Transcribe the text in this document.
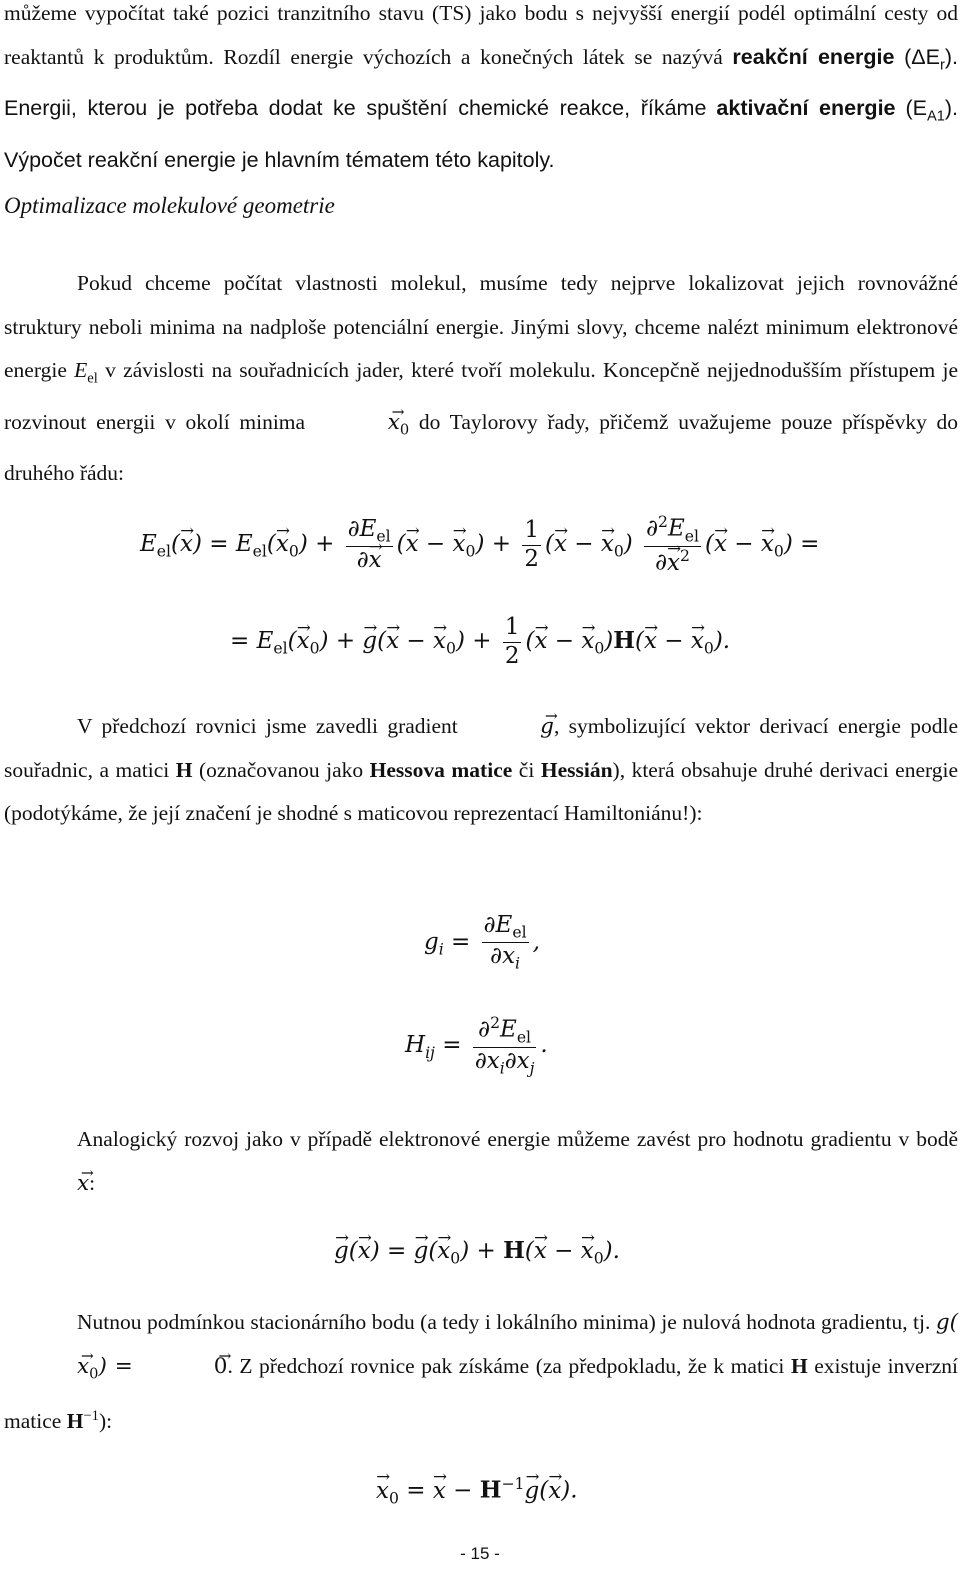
můžeme vypočítat také pozici tranzitního stavu (TS) jako bodu s nejvyšší energií podél optimální cesty od reaktantů k produktům. Rozdíl energie výchozích a konečných látek se nazývá reakční energie $(\Delta E_r)$. Energii, kterou je potřeba dodat ke spuštění chemické reakce, říkáme aktivační energie $(E_{A1})$. Výpočet reakční energie je hlavním tématem této kapitoly.

Optimalizace molekulové geometrie

Pokud chceme počítat vlastnosti molekul, musíme tedy nejprve lokalizovat jejich rovnovážné struktury neboli minima na nadploše potenciální energie. Jinými slovy, chceme nalézt minimum elektronové energie $E_{el}$ v závislosti na souřadnicích jader, které tvoří molekulu. Koncepčně nejjednodušším přístupem je rozvinout energii v okolí minima	→ $x_0$ do Taylorovy řady, přičemž uvažujeme pouze příspěvky do druhého řádu:

$E_{el}(\to x) = E_{el}(\to x_0) + \frac{\partial E_{el}}{\partial\to x}$ (→ x − → $x_0) + \frac{1}{2}$ (→ x − → $x_0) \frac{\partial^2E_{el}}{\partial\to x^2}$ (→ x − → $x_0$) =
= $E_{el}(\to x_0)$ + → g(→ x − → $x_0) + \frac{1}{2}$ (→ x − → $x_0)H(\to x$ − → $x_0$).

V předchozí rovnici jsme zavedli gradient	→ g, symbolizující vektor derivací energie podle souřadnic, a matici H (označovanou jako Hessova matice či Hessián), která obsahuje druhé derivaci energie (podotýkáme, že její značení je shodné s maticovou reprezentací Hamiltoniánu!):

$g_i = \frac{\partial E_{el}}{\partial x_i}$ ,
$H_{ij} = \frac{\partial^2E_{el}}{\partial x_i\partial x_j}$ .

Analogický rozvoj jako v případě elektronové energie můžeme zavést pro hodnotu gradientu v bodě → x:

→ g(→ x) = → $g(\to x_0) + H(\to x$ − → $x_0$).

Nutnou podmínkou stacionárního bodu (a tedy i lokálního minima) je nulová hodnota gradientu, tj. $g(\to x_0)$ =	→ 0. Z předchozí rovnice pak získáme (za předpokladu, že k matici H existuje inverzní matice $H^{-1}$):

→ $x_0$ = → $x - H^{-1}\to g(\to x)$.
- 15 -
